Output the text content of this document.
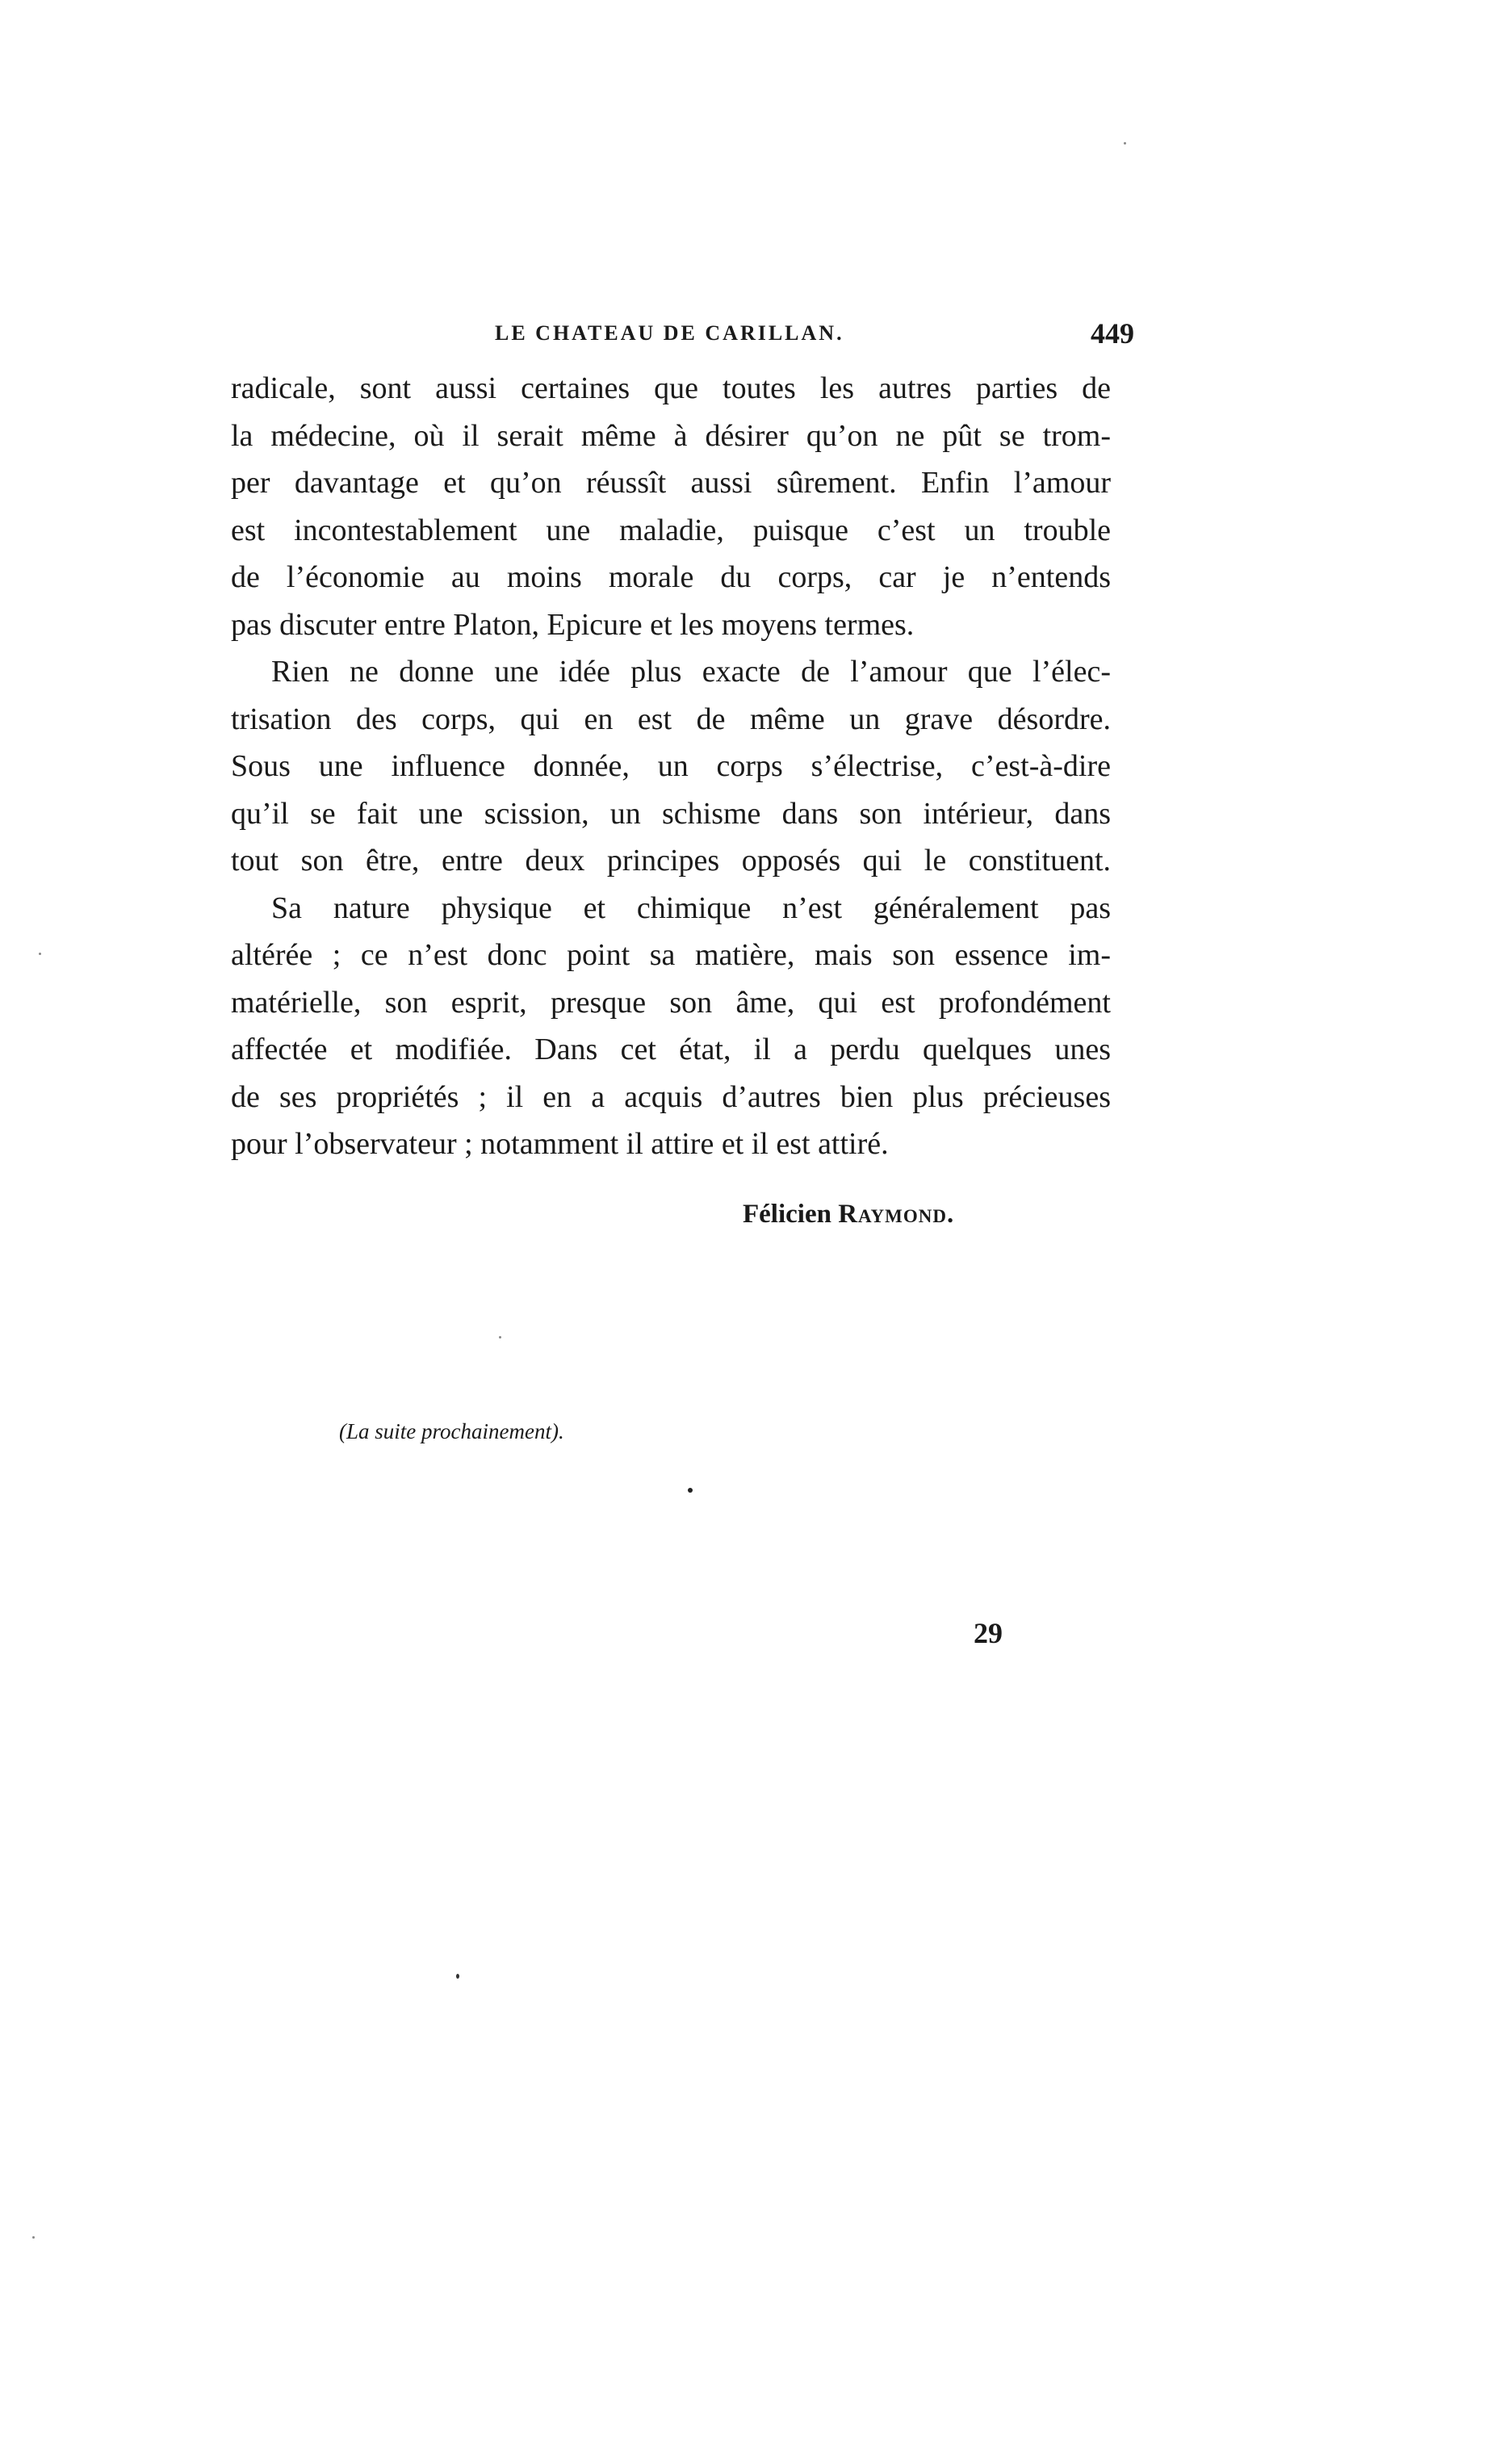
LE CHATEAU DE CARILLAN.	449
radicale, sont aussi certaines que toutes les autres parties de
la médecine, où il serait même à désirer qu’on ne pût se trom-
per davantage et qu’on réussît aussi sûrement. Enfin l’amour
est incontestablement une maladie, puisque c’est un trouble
de l’économie au moins morale du corps, car je n’entends
pas discuter entre Platon, Epicure et les moyens termes.
Rien ne donne une idée plus exacte de l’amour que l’élec-
trisation des corps, qui en est de même un grave désordre.
Sous une influence donnée, un corps s’électrise, c’est-à-dire
qu’il se fait une scission, un schisme dans son intérieur, dans
tout son être, entre deux principes opposés qui le constituent.
Sa nature physique et chimique n’est généralement pas
altérée ; ce n’est donc point sa matière, mais son essence im-
matérielle, son esprit, presque son âme, qui est profondément
affectée et modifiée. Dans cet état, il a perdu quelques unes
de ses propriétés ; il en a acquis d’autres bien plus précieuses
pour l’observateur ; notamment il attire et il est attiré.
Félicien Raymond.
(La suite prochainement).
29
